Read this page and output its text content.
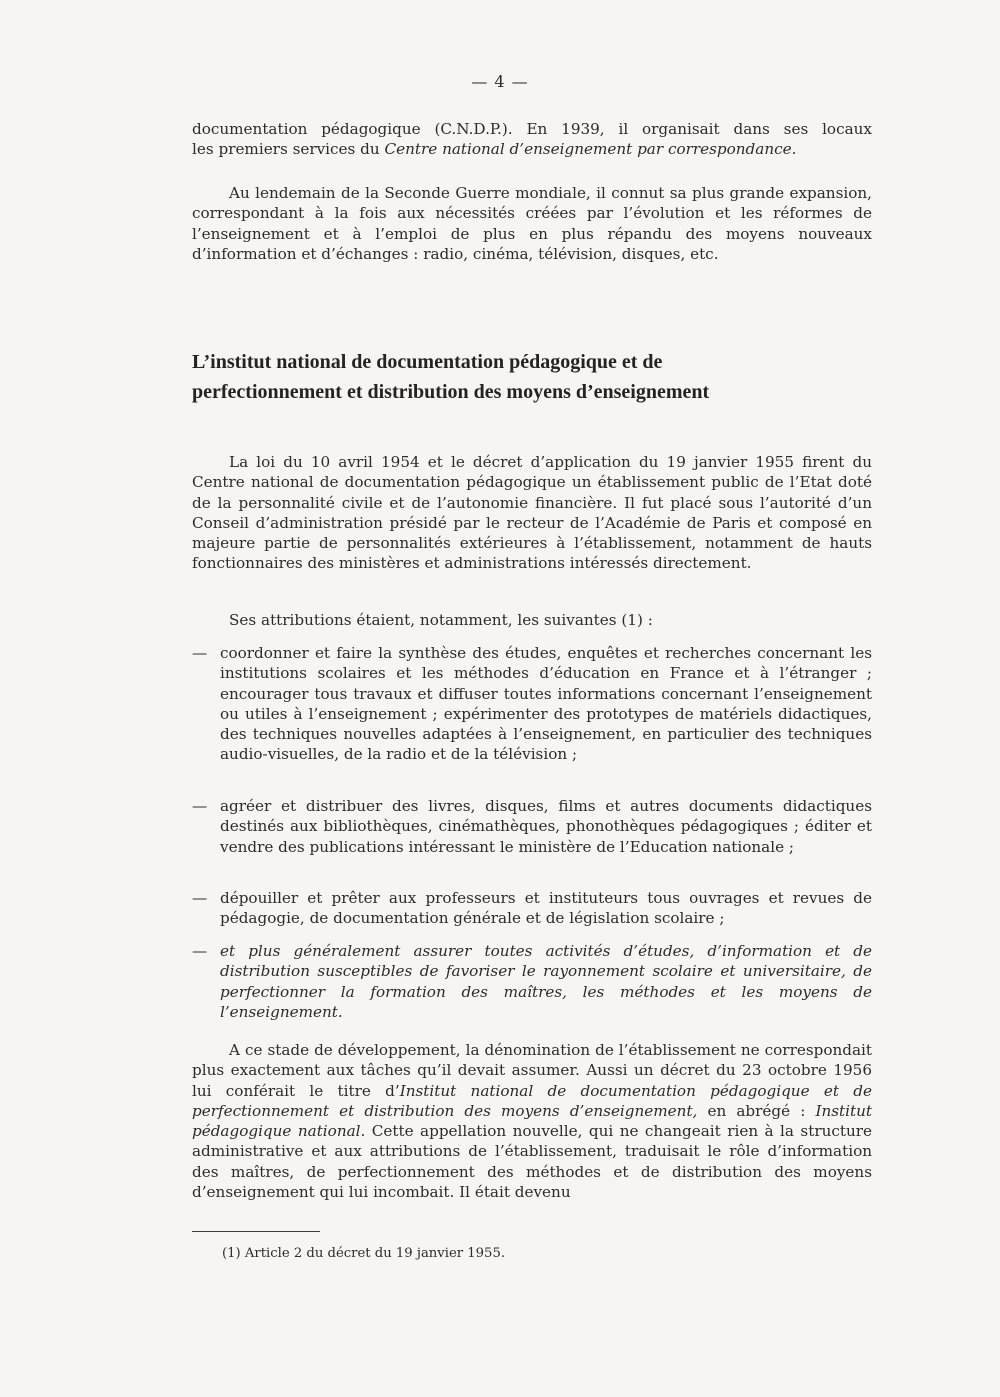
— 4 —

documentation pédagogique (C.N.D.P.). En 1939, il organisait dans ses locaux

les premiers services du Centre national d’enseignement par correspondance.

Au lendemain de la Seconde Guerre mondiale, il connut sa plus grande expansion, correspondant à la fois aux nécessités créées par l’évolution et les réformes de l’enseignement et à l’emploi de plus en plus répandu des moyens nouveaux d’information et d’échanges : radio, cinéma, télévision, disques, etc.

L’institut national de documentation pédagogique et de
perfectionnement et distribution des moyens d’enseignement

La loi du 10 avril 1954 et le décret d’application du 19 janvier 1955 firent du Centre national de documentation pédagogique un établissement public de l’Etat doté de la personnalité civile et de l’autonomie financière. Il fut placé sous l’autorité d’un Conseil d’administration présidé par le recteur de l’Académie de Paris et composé en majeure partie de personnalités extérieures à l’établissement, notamment de hauts fonctionnaires des ministères et administrations intéressés directement.

Ses attributions étaient, notamment, les suivantes (1) :

— coordonner et faire la synthèse des études, enquêtes et recherches concernant les institutions scolaires et les méthodes d’éducation en France et à l’étranger ; encourager tous travaux et diffuser toutes informations concernant l’enseignement ou utiles à l’enseignement ; expérimenter des prototypes de matériels didactiques, des techniques nouvelles adaptées à l’enseignement, en particulier des techniques audio-visuelles, de la radio et de la télévision ;
— agréer et distribuer des livres, disques, films et autres documents didactiques destinés aux bibliothèques, cinémathèques, phonothèques pédagogiques ; éditer et vendre des publications intéressant le ministère de l’Education nationale ;
— dépouiller et prêter aux professeurs et instituteurs tous ouvrages et revues de pédagogie, de documentation générale et de législation scolaire ;
— et plus généralement assurer toutes activités d’études, d’information et de distribution susceptibles de favoriser le rayonnement scolaire et universitaire, de perfectionner la formation des maîtres, les méthodes et les moyens de l’enseignement.

A ce stade de développement, la dénomination de l’établissement ne correspondait plus exactement aux tâches qu’il devait assumer. Aussi un décret du 23 octobre 1956 lui conférait le titre d’Institut national de documentation pédagogique et de perfectionnement et distribution des moyens d’enseignement, en abrégé : Institut pédagogique national. Cette appellation nouvelle, qui ne changeait rien à la structure administrative et aux attributions de l’établissement, traduisait le rôle d’information des maîtres, de perfectionnement des méthodes et de distribution des moyens d’enseignement qui lui incombait. Il était devenu

(1) Article 2 du décret du 19 janvier 1955.
